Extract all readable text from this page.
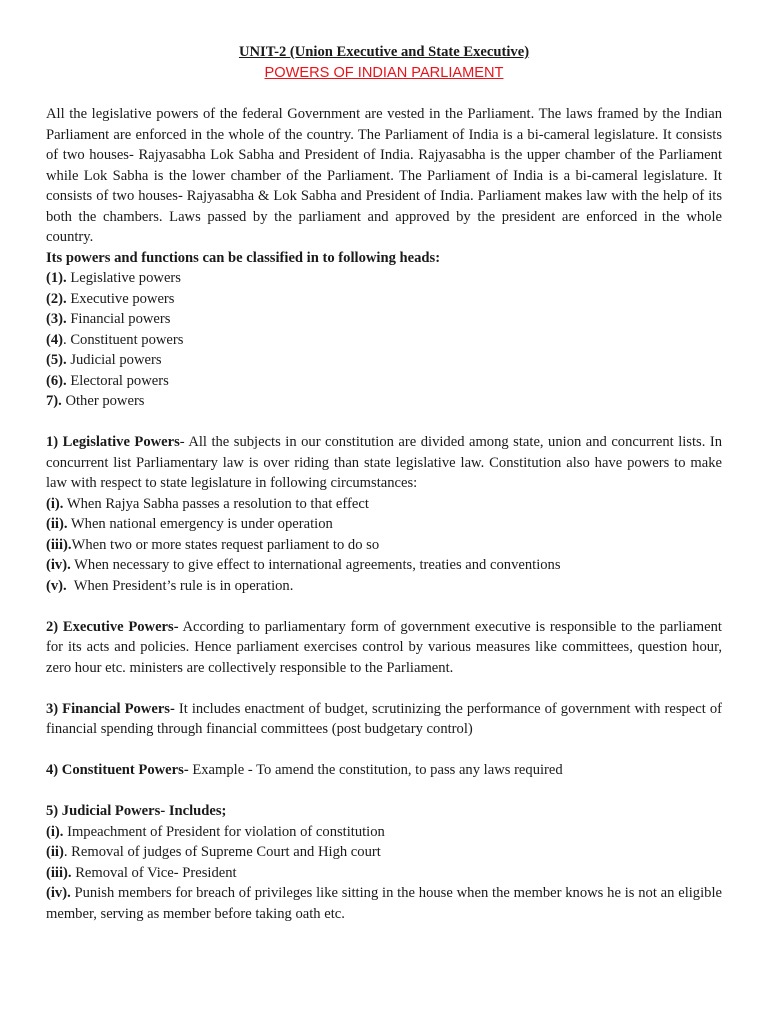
UNIT-2 (Union Executive and State Executive)
POWERS OF INDIAN PARLIAMENT

All the legislative powers of the federal Government are vested in the Parliament. The laws framed by the Indian Parliament are enforced in the whole of the country. The Parliament of India is a bi-cameral legislature. It consists of two houses- Rajyasabha Lok Sabha and President of India. Rajyasabha is the upper chamber of the Parliament while Lok Sabha is the lower chamber of the Parliament. The Parliament of India is a bi-cameral legislature. It consists of two houses- Rajyasabha & Lok Sabha and President of India. Parliament makes law with the help of its both the chambers. Laws passed by the parliament and approved by the president are enforced in the whole country.

Its powers and functions can be classified in to following heads:

(1). Legislative powers
(2). Executive powers
(3). Financial powers
(4). Constituent powers
(5). Judicial powers
(6). Electoral powers
7). Other powers

1) Legislative Powers- All the subjects in our constitution are divided among state, union and concurrent lists. In concurrent list Parliamentary law is over riding than state legislative law. Constitution also have powers to make law with respect to state legislature in following circumstances:

(i). When Rajya Sabha passes a resolution to that effect
(ii). When national emergency is under operation
(iii).When two or more states request parliament to do so
(iv). When necessary to give effect to international agreements, treaties and conventions
(v).  When President’s rule is in operation.

2) Executive Powers- According to parliamentary form of government executive is responsible to the parliament for its acts and policies. Hence parliament exercises control by various measures like committees, question hour, zero hour etc. ministers are collectively responsible to the Parliament.

3) Financial Powers- It includes enactment of budget, scrutinizing the performance of government with respect of financial spending through financial committees (post budgetary control)

4) Constituent Powers- Example - To amend the constitution, to pass any laws required

5) Judicial Powers- Includes;

(i). Impeachment of President for violation of constitution
(ii). Removal of judges of Supreme Court and High court
(iii). Removal of Vice- President
(iv). Punish members for breach of privileges like sitting in the house when the member knows he is not an eligible member, serving as member before taking oath etc.
